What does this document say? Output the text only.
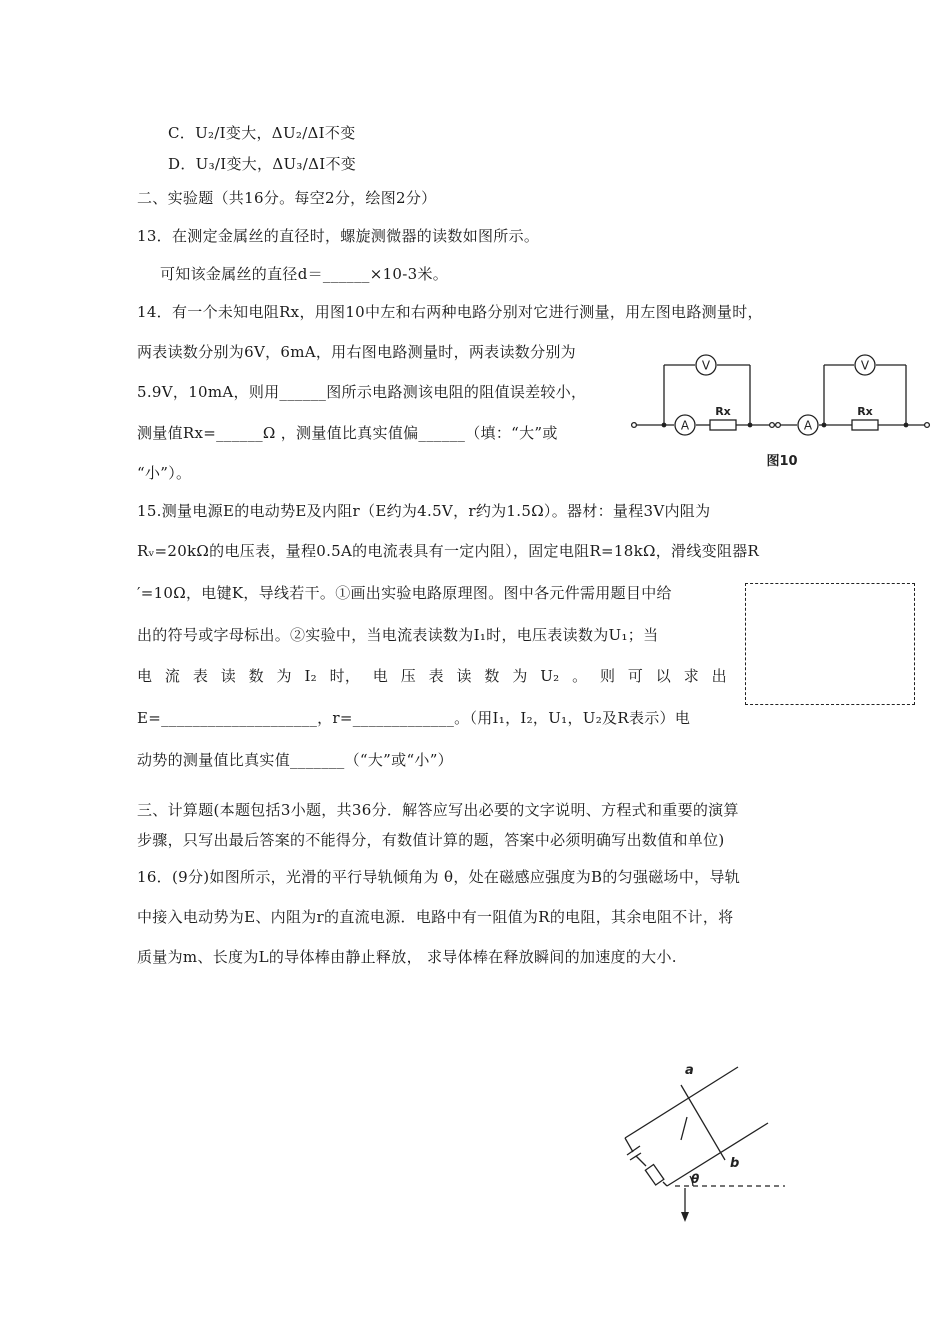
C．U₂/I变大，ΔU₂/ΔI不变
D．U₃/I变大，ΔU₃/ΔI不变
二、实验题（共16分。每空2分，绘图2分）
13．在测定金属丝的直径时，螺旋测微器的读数如图所示。
可知该金属丝的直径d＝______×10-3米。
14．有一个未知电阻Rx，用图10中左和右两种电路分别对它进行测量，用左图电路测量时，
两表读数分别为6V，6mA，用右图电路测量时，两表读数分别为
5.9V，10mA，则用______图所示电路测该电阻的阻值误差较小，
测量值Rx=______Ω ，测量值比真实值偏______（填：“大”或
“小”）。
V
A
Rx
V
A
Rx
图10
15.测量电源E的电动势E及内阻r（E约为4.5V，r约为1.5Ω）。器材：量程3V内阻为
Rᵥ=20kΩ的电压表，量程0.5A的电流表具有一定内阻），固定电阻R=18kΩ，滑线变阻器R
′=10Ω，电键K，导线若干。①画出实验电路原理图。图中各元件需用题目中给
出的符号或字母标出。②实验中，当电流表读数为I₁时，电压表读数为U₁；当
电 流 表 读 数 为 I₂ 时， 电 压 表 读 数 为 U₂ 。 则 可 以 求 出
E=____________________，r=_____________。（用I₁，I₂，U₁，U₂及R表示）电
动势的测量值比真实值_______（“大”或“小”）
三、计算题(本题包括3小题，共36分．解答应写出必要的文字说明、方程式和重要的演算
步骤，只写出最后答案的不能得分，有数值计算的题，答案中必须明确写出数值和单位)
16．(9分)如图所示，光滑的平行导轨倾角为 θ，处在磁感应强度为B的匀强磁场中，导轨
中接入电动势为E、内阻为r的直流电源．电路中有一阻值为R的电阻，其余电阻不计，将
质量为m、长度为L的导体棒由静止释放， 求导体棒在释放瞬间的加速度的大小.
a
b
θ
